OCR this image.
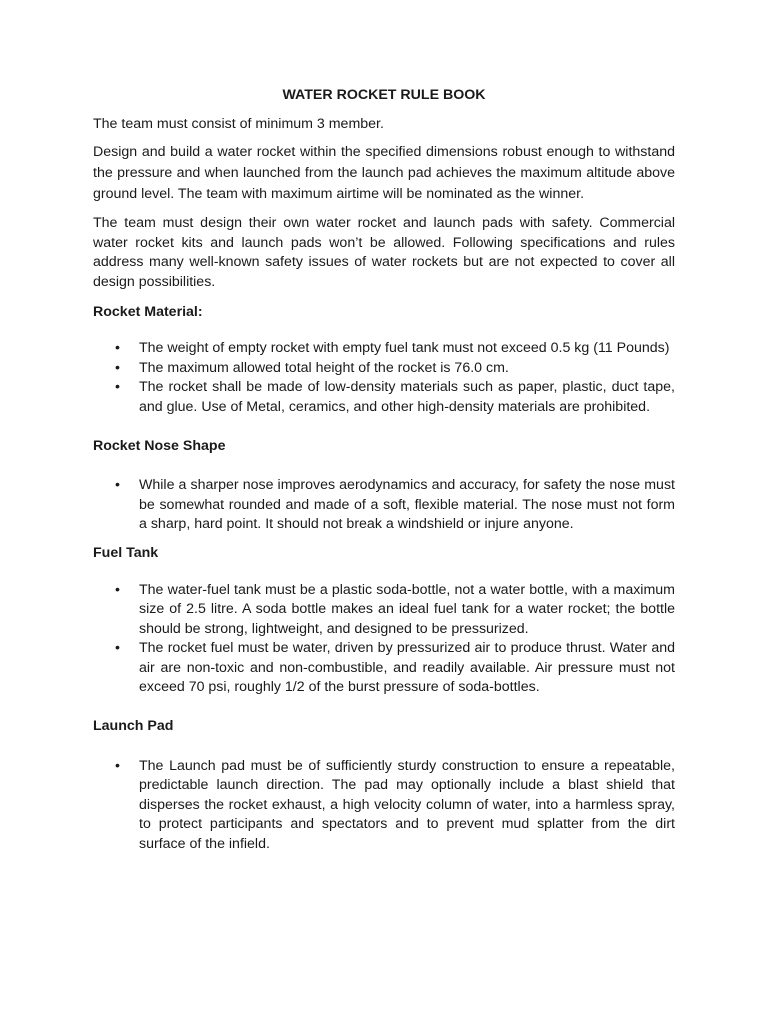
WATER ROCKET RULE BOOK

The team must consist of minimum 3 member.

Design and build a water rocket within the specified dimensions robust enough to withstand the pressure and when launched from the launch pad achieves the maximum altitude above ground level. The team with maximum airtime will be nominated as the winner.

The team must design their own water rocket and launch pads with safety. Commercial water rocket kits and launch pads won’t be allowed. Following specifications and rules address many well-known safety issues of water rockets but are not expected to cover all design possibilities.

Rocket Material:
• The weight of empty rocket with empty fuel tank must not exceed 0.5 kg (11 Pounds)
• The maximum allowed total height of the rocket is 76.0 cm.
• The rocket shall be made of low-density materials such as paper, plastic, duct tape, and glue. Use of Metal, ceramics, and other high-density materials are prohibited.
Rocket Nose Shape
• While a sharper nose improves aerodynamics and accuracy, for safety the nose must be somewhat rounded and made of a soft, flexible material. The nose must not form a sharp, hard point. It should not break a windshield or injure anyone.
Fuel Tank
• The water-fuel tank must be a plastic soda-bottle, not a water bottle, with a maximum size of 2.5 litre. A soda bottle makes an ideal fuel tank for a water rocket; the bottle should be strong, lightweight, and designed to be pressurized.
• The rocket fuel must be water, driven by pressurized air to produce thrust. Water and air are non-toxic and non-combustible, and readily available. Air pressure must not exceed 70 psi, roughly 1/2 of the burst pressure of soda-bottles.
Launch Pad
• The Launch pad must be of sufficiently sturdy construction to ensure a repeatable, predictable launch direction. The pad may optionally include a blast shield that disperses the rocket exhaust, a high velocity column of water, into a harmless spray, to protect participants and spectators and to prevent mud splatter from the dirt surface of the infield.
